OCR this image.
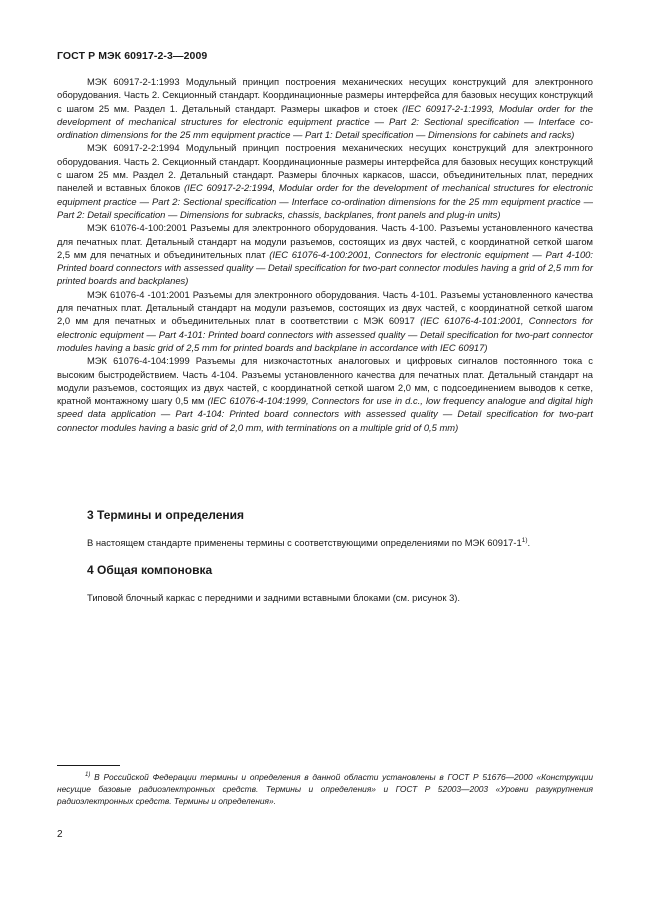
ГОСТ Р МЭК 60917-2-3—2009

МЭК 60917-2-1:1993 Модульный принцип построения механических несущих конструкций для электронного оборудования. Часть 2. Секционный стандарт. Координационные размеры интерфейса для базовых несущих конструкций с шагом 25 мм. Раздел 1. Детальный стандарт. Размеры шкафов и стоек (IEC 60917-2-1:1993, Modular order for the development of mechanical structures for electronic equipment practice — Part 2: Sectional specification — Interface co-ordination dimensions for the 25 mm equipment practice — Part 1: Detail specification — Dimensions for cabinets and racks)

МЭК 60917-2-2:1994 Модульный принцип построения механических несущих конструкций для электронного оборудования. Часть 2. Секционный стандарт. Координационные размеры интерфейса для базовых несущих конструкций с шагом 25 мм. Раздел 2. Детальный стандарт. Размеры блочных каркасов, шасси, объединительных плат, передних панелей и вставных блоков (IEC 60917-2-2:1994, Modular order for the development of mechanical structures for electronic equipment practice — Part 2: Sectional specification — Interface co-ordination dimensions for the 25 mm equipment practice — Part 2: Detail specification — Dimensions for subracks, chassis, backplanes, front panels and plug-in units)

МЭК 61076-4-100:2001 Разъемы для электронного оборудования. Часть 4-100. Разъемы установленного качества для печатных плат. Детальный стандарт на модули разъемов, состоящих из двух частей, с координатной сеткой шагом 2,5 мм для печатных и объединительных плат (IEC 61076-4-100:2001, Connectors for electronic equipment — Part 4-100: Printed board connectors with assessed quality — Detail specification for two-part connector modules having a grid of 2,5 mm for printed boards and backplanes)

МЭК 61076-4 -101:2001 Разъемы для электронного оборудования. Часть 4-101. Разъемы установленного качества для печатных плат. Детальный стандарт на модули разъемов, состоящих из двух частей, с координатной сеткой шагом 2,0 мм для печатных и объединительных плат в соответствии с МЭК 60917 (IEC 61076-4-101:2001, Connectors for electronic equipment — Part 4-101: Printed board connectors with assessed quality — Detail specification for two-part connector modules having a basic grid of 2,5 mm for printed boards and backplane in accordance with IEC 60917)

МЭК 61076-4-104:1999 Разъемы для низкочастотных аналоговых и цифровых сигналов постоянного тока с высоким быстродействием. Часть 4-104. Разъемы установленного качества для печатных плат. Детальный стандарт на модули разъемов, состоящих из двух частей, с координатной сеткой шагом 2,0 мм, с подсоединением выводов к сетке, кратной монтажному шагу 0,5 мм (IEC 61076-4-104:1999, Connectors for use in d.c., low frequency analogue and digital high speed data application — Part 4-104: Printed board connectors with assessed quality — Detail specification for two-part connector modules having a basic grid of 2,0 mm, with terminations on a multiple grid of 0,5 mm)

3 Термины и определения

В настоящем стандарте применены термины с соответствующими определениями по МЭК 60917-1$^{1)}$.

4 Общая компоновка

Типовой блочный каркас с передними и задними вставными блоками (см. рисунок 3).

$^{1)}$ В Российской Федерации термины и определения в данной области установлены в ГОСТ Р 51676—2000 «Конструкции несущие базовые радиоэлектронных средств. Термины и определения» и ГОСТ Р 52003—2003 «Уровни разукрупнения радиоэлектронных средств. Термины и определения».

2
